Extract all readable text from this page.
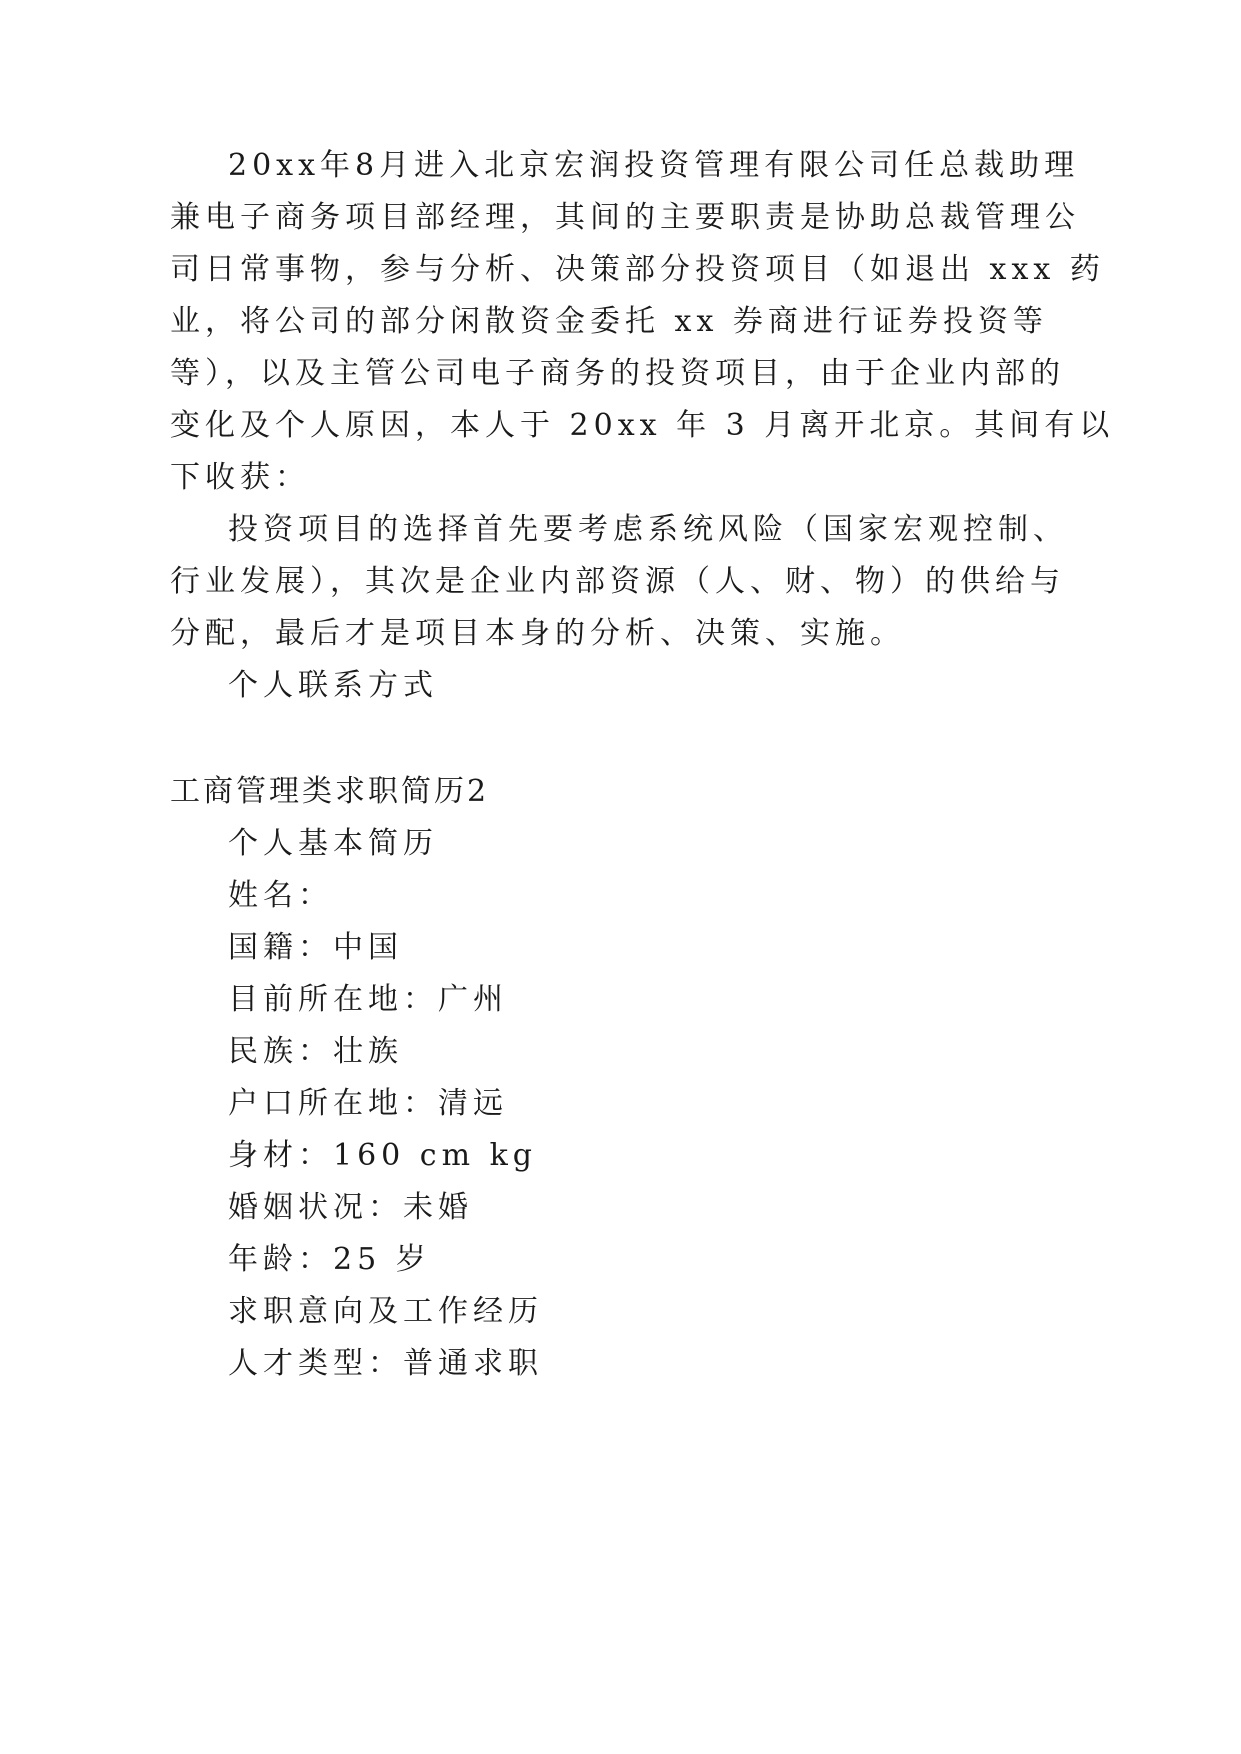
20xx年8月进入北京宏润投资管理有限公司任总裁助理

兼电子商务项目部经理，其间的主要职责是协助总裁管理公

司日常事物，参与分析、决策部分投资项目（如退出 xxx 药

业，将公司的部分闲散资金委托 xx 券商进行证券投资等

等），以及主管公司电子商务的投资项目，由于企业内部的

变化及个人原因，本人于 20xx 年 3 月离开北京。其间有以

下收获：

投资项目的选择首先要考虑系统风险（国家宏观控制、

行业发展），其次是企业内部资源（人、财、物）的供给与

分配，最后才是项目本身的分析、决策、实施。

个人联系方式

工商管理类求职简历2

个人基本简历

姓名：

国籍：中国

目前所在地：广州

民族：壮族

户口所在地：清远

身材：160 cm kg

婚姻状况：未婚

年龄：25 岁

求职意向及工作经历

人才类型：普通求职
